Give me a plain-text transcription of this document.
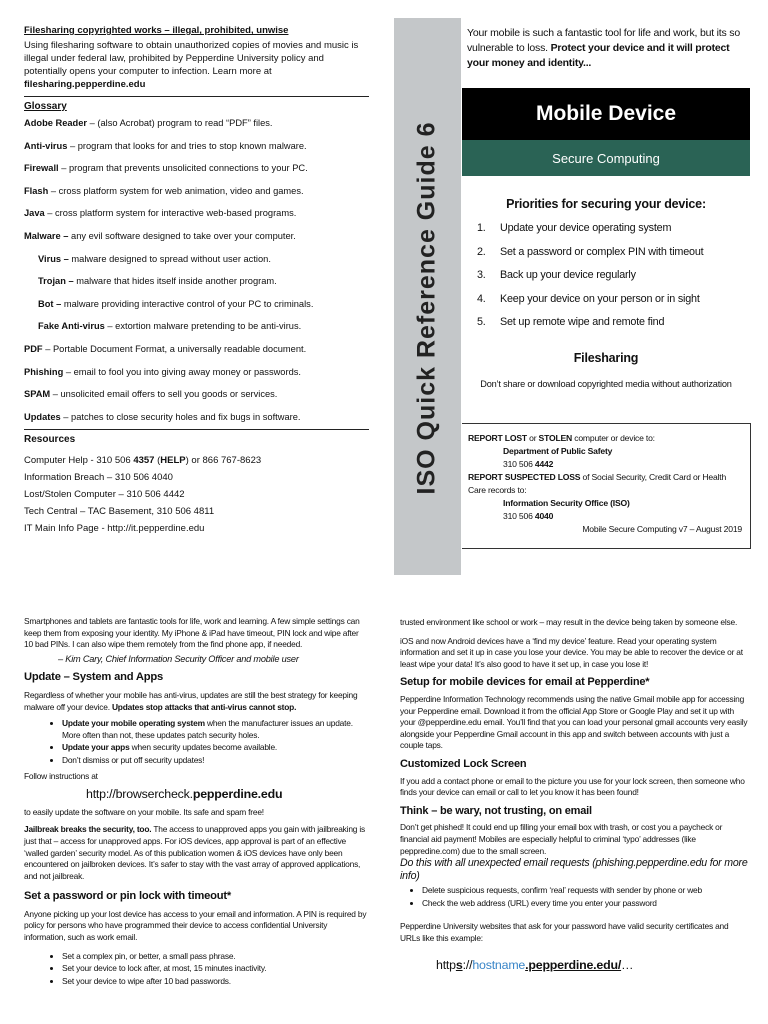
Filesharing copyrighted works – illegal, prohibited, unwise
Using filesharing software to obtain unauthorized copies of movies and music is illegal under federal law, prohibited by Pepperdine University policy and potentially opens your computer to infection. Learn more at filesharing.pepperdine.edu
Glossary
Adobe Reader – (also Acrobat) program to read “PDF” files.
Anti-virus – program that looks for and tries to stop known malware.
Firewall – program that prevents unsolicited connections to your PC.
Flash – cross platform system for web animation, video and games.
Java – cross platform system for interactive web-based programs.
Malware – any evil software designed to take over your computer.
Virus – malware designed to spread without user action.
Trojan – malware that hides itself inside another program.
Bot – malware providing interactive control of your PC to criminals.
Fake Anti-virus – extortion malware pretending to be anti-virus.
PDF – Portable Document Format, a universally readable document.
Phishing – email to fool you into giving away money or passwords.
SPAM – unsolicited email offers to sell you goods or services.
Updates – patches to close security holes and fix bugs in software.
Resources
Computer Help - 310 506 4357 (HELP) or 866 767-8623
Information Breach – 310 506 4040
Lost/Stolen Computer – 310 506 4442
Tech Central – TAC Basement, 310 506 4811
IT Main Info Page - http://it.pepperdine.edu
ISO Quick Reference Guide 6
Your mobile is such a fantastic tool for life and work, but its so vulnerable to loss. Protect your device and it will protect your money and identity...
Mobile Device
Secure Computing
Priorities for securing your device:
1.	Update your device operating system
2.	Set a password or complex PIN with timeout
3.	Back up your device regularly
4.	Keep your device on your person or in sight
5.	Set up remote wipe and remote find
Filesharing
Don’t share or download copyrighted media without authorization
REPORT LOST or STOLEN computer or device to:
Department of Public Safety
310 506 4442
REPORT SUSPECTED LOSS of Social Security, Credit Card or Health Care records to:
Information Security Office (ISO)
310 506 4040
Mobile Secure Computing v7 – August 2019
Smartphones and tablets are fantastic tools for life, work and learning. A few simple settings can keep them from exposing your identity. My iPhone & iPad have timeout, PIN lock and wipe after 10 bad PINs. I can also wipe them remotely from the find phone app, if needed.
– Kim Cary, Chief Information Security Officer and mobile user
Update – System and Apps
Regardless of whether your mobile has anti-virus, updates are still the best strategy for keeping malware off your device. Updates stop attacks that anti-virus cannot stop.
• Update your mobile operating system when the manufacturer issues an update. More often than not, these updates patch security holes.
• Update your apps when security updates become available.
• Don’t dismiss or put off security updates!
Follow instructions at
http://browsercheck.pepperdine.edu
to easily update the software on your mobile. Its safe and spam free!
Jailbreak breaks the security, too. The access to unapproved apps you gain with jailbreaking is just that – access for unapproved apps. For iOS devices, app approval is part of an effective ‘walled garden’ security model. As of this publication women & iOS devices have only been encountered on jailbroken devices. It’s safer to stay with the vast array of approved applications, and not jailbreak.
Set a password or pin lock with timeout*
Anyone picking up your lost device has access to your email and information. A PIN is required by policy for persons who have programmed their device to access confidential University information, such as work email.
• Set a complex pin, or better, a small pass phrase.
• Set your device to lock after, at most, 15 minutes inactivity.
• Set your device to wipe after 10 bad passwords.

trusted environment like school or work – may result in the device being taken by someone else.

iOS and now Android devices have a ‘find my device’ feature. Read your operating system information and set it up in case you lose your device. You may be able to recover the device or at least wipe your data! It’s also good to have it set up, in case you lose it!

Setup for mobile devices for email at Pepperdine*

Pepperdine Information Technology recommends using the native Gmail mobile app for accessing your Pepperdine email. Download it from the official App Store or Google Play and set it up with your @pepperdine.edu email. You’ll find that you can load your personal gmail accounts very easily alongside your Pepperdine Gmail account in this app and switch between accounts with just a couple taps.

Customized Lock Screen

If you add a contact phone or email to the picture you use for your lock screen, then someone who finds your device can email or call to let you know it has been found!

Think – be wary, not trusting, on email
Don’t get phished! It could end up filling your email box with trash, or cost you a paycheck or financial aid payment! Mobiles are especially helpful to criminal ‘typo’ addresses (like peppredine.com) due to the small screen.
Do this with all unexpected email requests (phishing.pepperdine.edu for more info)
• Delete suspicious requests, confirm ‘real’ requests with sender by phone or web
• Check the web address (URL) every time you enter your password
Pepperdine University websites that ask for your password have valid security certificates and URLs like this example:
https://hostname.pepperdine.edu/…
